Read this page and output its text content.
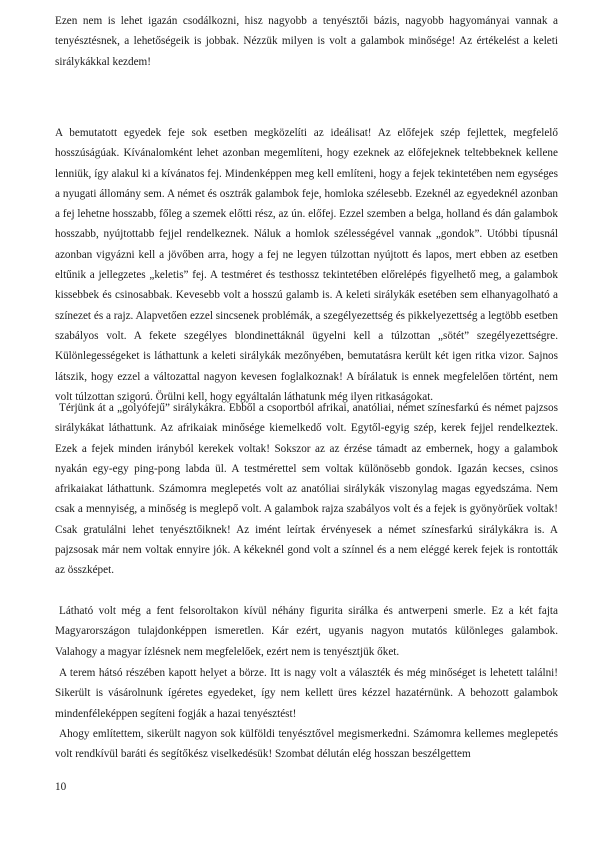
Ezen nem is lehet igazán csodálkozni, hisz nagyobb a tenyésztői bázis, nagyobb hagyományai vannak a tenyésztésnek, a lehetőségeik is jobbak. Nézzük milyen is volt a galambok minősége! Az értékelést a keleti sirálykákkal kezdem!

A bemutatott egyedek feje sok esetben megközelíti az ideálisat! Az előfejek szép fejlettek, megfelelő hosszúságúak. Kívánalomként lehet azonban megemlíteni, hogy ezeknek az előfejeknek teltebbeknek kellene lenniük, így alakul ki a kívánatos fej. Mindenképpen meg kell említeni, hogy a fejek tekintetében nem egységes a nyugati állomány sem. A német és osztrák galambok feje, homloka szélesebb. Ezeknél az egyedeknél azonban a fej lehetne hosszabb, főleg a szemek előtti rész, az ún. előfej. Ezzel szemben a belga, holland és dán galambok hosszabb, nyújtottabb fejjel rendelkeznek. Náluk a homlok szélességével vannak „gondok”. Utóbbi típusnál azonban vigyázni kell a jövőben arra, hogy a fej ne legyen túlzottan nyújtott és lapos, mert ebben az esetben eltűnik a jellegzetes „keletis” fej. A testméret és testhossz tekintetében előrelépés figyelhető meg, a galambok kissebbek és csinosabbak. Kevesebb volt a hosszú galamb is. A keleti sirálykák esetében sem elhanyagolható a színezet és a rajz. Alapvetően ezzel sincsenek problémák, a szegélyezettség és pikkelyezettség a legtöbb esetben szabályos volt. A fekete szegélyes blondinettáknál ügyelni kell a túlzottan „sötét” szegélyezettségre. Különlegességeket is láthattunk a keleti sirálykák mezőnyében, bemutatásra került két igen ritka vizor. Sajnos látszik, hogy ezzel a változattal nagyon kevesen foglalkoznak! A bírálatuk is ennek megfelelően történt, nem volt túlzottan szigorú. Örülni kell, hogy egyáltalán láthatunk még ilyen ritkaságokat.

Térjünk át a „golyófejű” sirálykákra. Ebből a csoportból afrikai, anatóliai, német színesfarkú és német pajzsos sirálykákat láthattunk. Az afrikaiak minősége kiemelkedő volt. Egytől-egyig szép, kerek fejjel rendelkeztek. Ezek a fejek minden irányból kerekek voltak! Sokszor az az érzése támadt az embernek, hogy a galambok nyakán egy-egy ping-pong labda ül. A testmérettel sem voltak különösebb gondok. Igazán kecses, csinos afrikaiakat láthattunk. Számomra meglepetés volt az anatóliai sirálykák viszonylag magas egyedszáma. Nem csak a mennyiség, a minőség is meglepő volt. A galambok rajza szabályos volt és a fejek is gyönyörűek voltak! Csak gratulálni lehet tenyésztőiknek! Az imént leírtak érvényesek a német színesfarkú sirálykákra is. A pajzsosak már nem voltak ennyire jók. A kékeknél gond volt a színnel és a nem eléggé kerek fejek is rontották az összképet.

Látható volt még a fent felsoroltakon kívül néhány figurita sirálka és antwerpeni smerle. Ez a két fajta Magyarországon tulajdonképpen ismeretlen. Kár ezért, ugyanis nagyon mutatós különleges galambok. Valahogy a magyar ízlésnek nem megfelelőek, ezért nem is tenyésztjük őket.

A terem hátsó részében kapott helyet a börze. Itt is nagy volt a választék és még minőséget is lehetett találni! Sikerült is vásárolnunk ígéretes egyedeket, így nem kellett üres kézzel hazatérnünk. A behozott galambok mindenféleképpen segíteni fogják a hazai tenyésztést!

Ahogy említettem, sikerült nagyon sok külföldi tenyésztővel megismerkedni. Számomra kellemes meglepetés volt rendkívül baráti és segítőkész viselkedésük! Szombat délután elég hosszan beszélgettem

10
